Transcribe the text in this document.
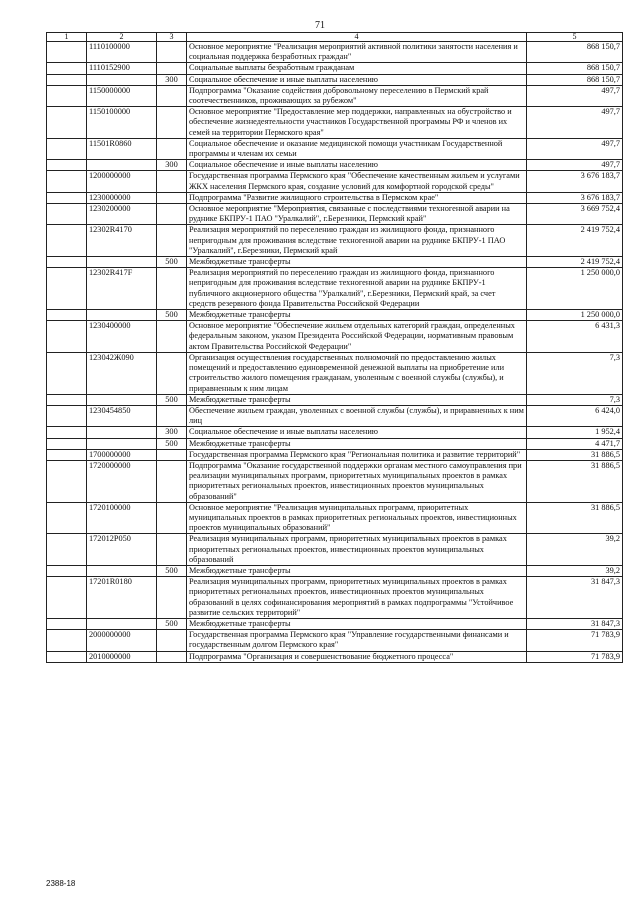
71
1	2	3	4	5
	1110100000		Основное мероприятие "Реализация мероприятий активной политики занятости населения и социальная поддержка безработных граждан"	868 150,7
	1110152900		Социальные выплаты безработным гражданам	868 150,7
		300	Социальное обеспечение и иные выплаты населению	868 150,7
	1150000000		Подпрограмма "Оказание содействия добровольному переселению в Пермский край соотечественников, проживающих за рубежом"	497,7
	1150100000		Основное мероприятие "Предоставление мер поддержки, направленных на обустройство и обеспечение жизнедеятельности участников Государственной программы РФ и членов их семей на территории Пермского края"	497,7
	11501R0860		Социальное обеспечение и оказание медицинской помощи участникам Государственной программы и членам их семьи	497,7
		300	Социальное обеспечение и иные выплаты населению	497,7
	1200000000		Государственная программа Пермского края "Обеспечение качественным жильем и услугами ЖКХ населения Пермского края, создание условий для комфортной городской среды"	3 676 183,7
	1230000000		Подпрограмма "Развитие жилищного строительства в Пермском крае"	3 676 183,7
	1230200000		Основное мероприятие "Мероприятия, связанные с последствиями техногенной аварии на руднике БКПРУ-1 ПАО "Уралкалий", г.Березники, Пермский край"	3 669 752,4
	12302R4170		Реализация мероприятий по переселению граждан из жилищного фонда, признанного непригодным для проживания вследствие техногенной аварии на руднике БКПРУ-1 ПАО "Уралкалий", г.Березники, Пермский край	2 419 752,4
		500	Межбюджетные трансферты	2 419 752,4
	12302R417F		Реализация мероприятий по переселению граждан из жилищного фонда, признанного непригодным для проживания вследствие техногенной аварии на руднике БКПРУ-1 публичного акционерного общества "Уралкалий", г.Березники, Пермский край, за счет средств резервного фонда Правительства Российской Федерации	1 250 000,0
		500	Межбюджетные трансферты	1 250 000,0
	1230400000		Основное мероприятие "Обеспечение жильем отдельных категорий граждан, определенных федеральным законом, указом Президента Российской Федерации, нормативным правовым актом Правительства Российской Федерации"	6 431,3
	123042Ж090		Организация осуществления государственных полномочий по предоставлению жилых помещений и предоставлению единовременной денежной выплаты на приобретение или строительство жилого помещения гражданам, уволенным с военной службы (службы), и приравненным к ним лицам	7,3
		500	Межбюджетные трансферты	7,3
	1230454850		Обеспечение жильем граждан, уволенных с военной службы (службы), и приравненных к ним лиц	6 424,0
		300	Социальное обеспечение и иные выплаты населению	1 952,4
		500	Межбюджетные трансферты	4 471,7
	1700000000		Государственная программа Пермского края "Региональная политика и развитие территорий"	31 886,5
	1720000000		Подпрограмма "Оказание государственной поддержки органам местного самоуправления при реализации муниципальных программ, приоритетных муниципальных проектов в рамках приоритетных региональных проектов, инвестиционных проектов муниципальных образований"	31 886,5
	1720100000		Основное мероприятие "Реализация муниципальных программ, приоритетных муниципальных проектов в рамках приоритетных региональных проектов, инвестиционных проектов муниципальных образований"	31 886,5
	172012Р050		Реализация муниципальных программ, приоритетных муниципальных проектов в рамках приоритетных региональных проектов, инвестиционных проектов муниципальных образований	39,2
		500	Межбюджетные трансферты	39,2
	17201R0180		Реализация муниципальных программ, приоритетных муниципальных проектов в рамках приоритетных региональных проектов, инвестиционных проектов муниципальных образований в целях софинансирования мероприятий в рамках подпрограммы "Устойчивое развитие сельских территорий"	31 847,3
		500	Межбюджетные трансферты	31 847,3
	2000000000		Государственная программа Пермского края "Управление государственными финансами и государственным долгом Пермского края"	71 783,9
	2010000000		Подпрограмма "Организация и совершенствование бюджетного процесса"	71 783,9
2388-18
